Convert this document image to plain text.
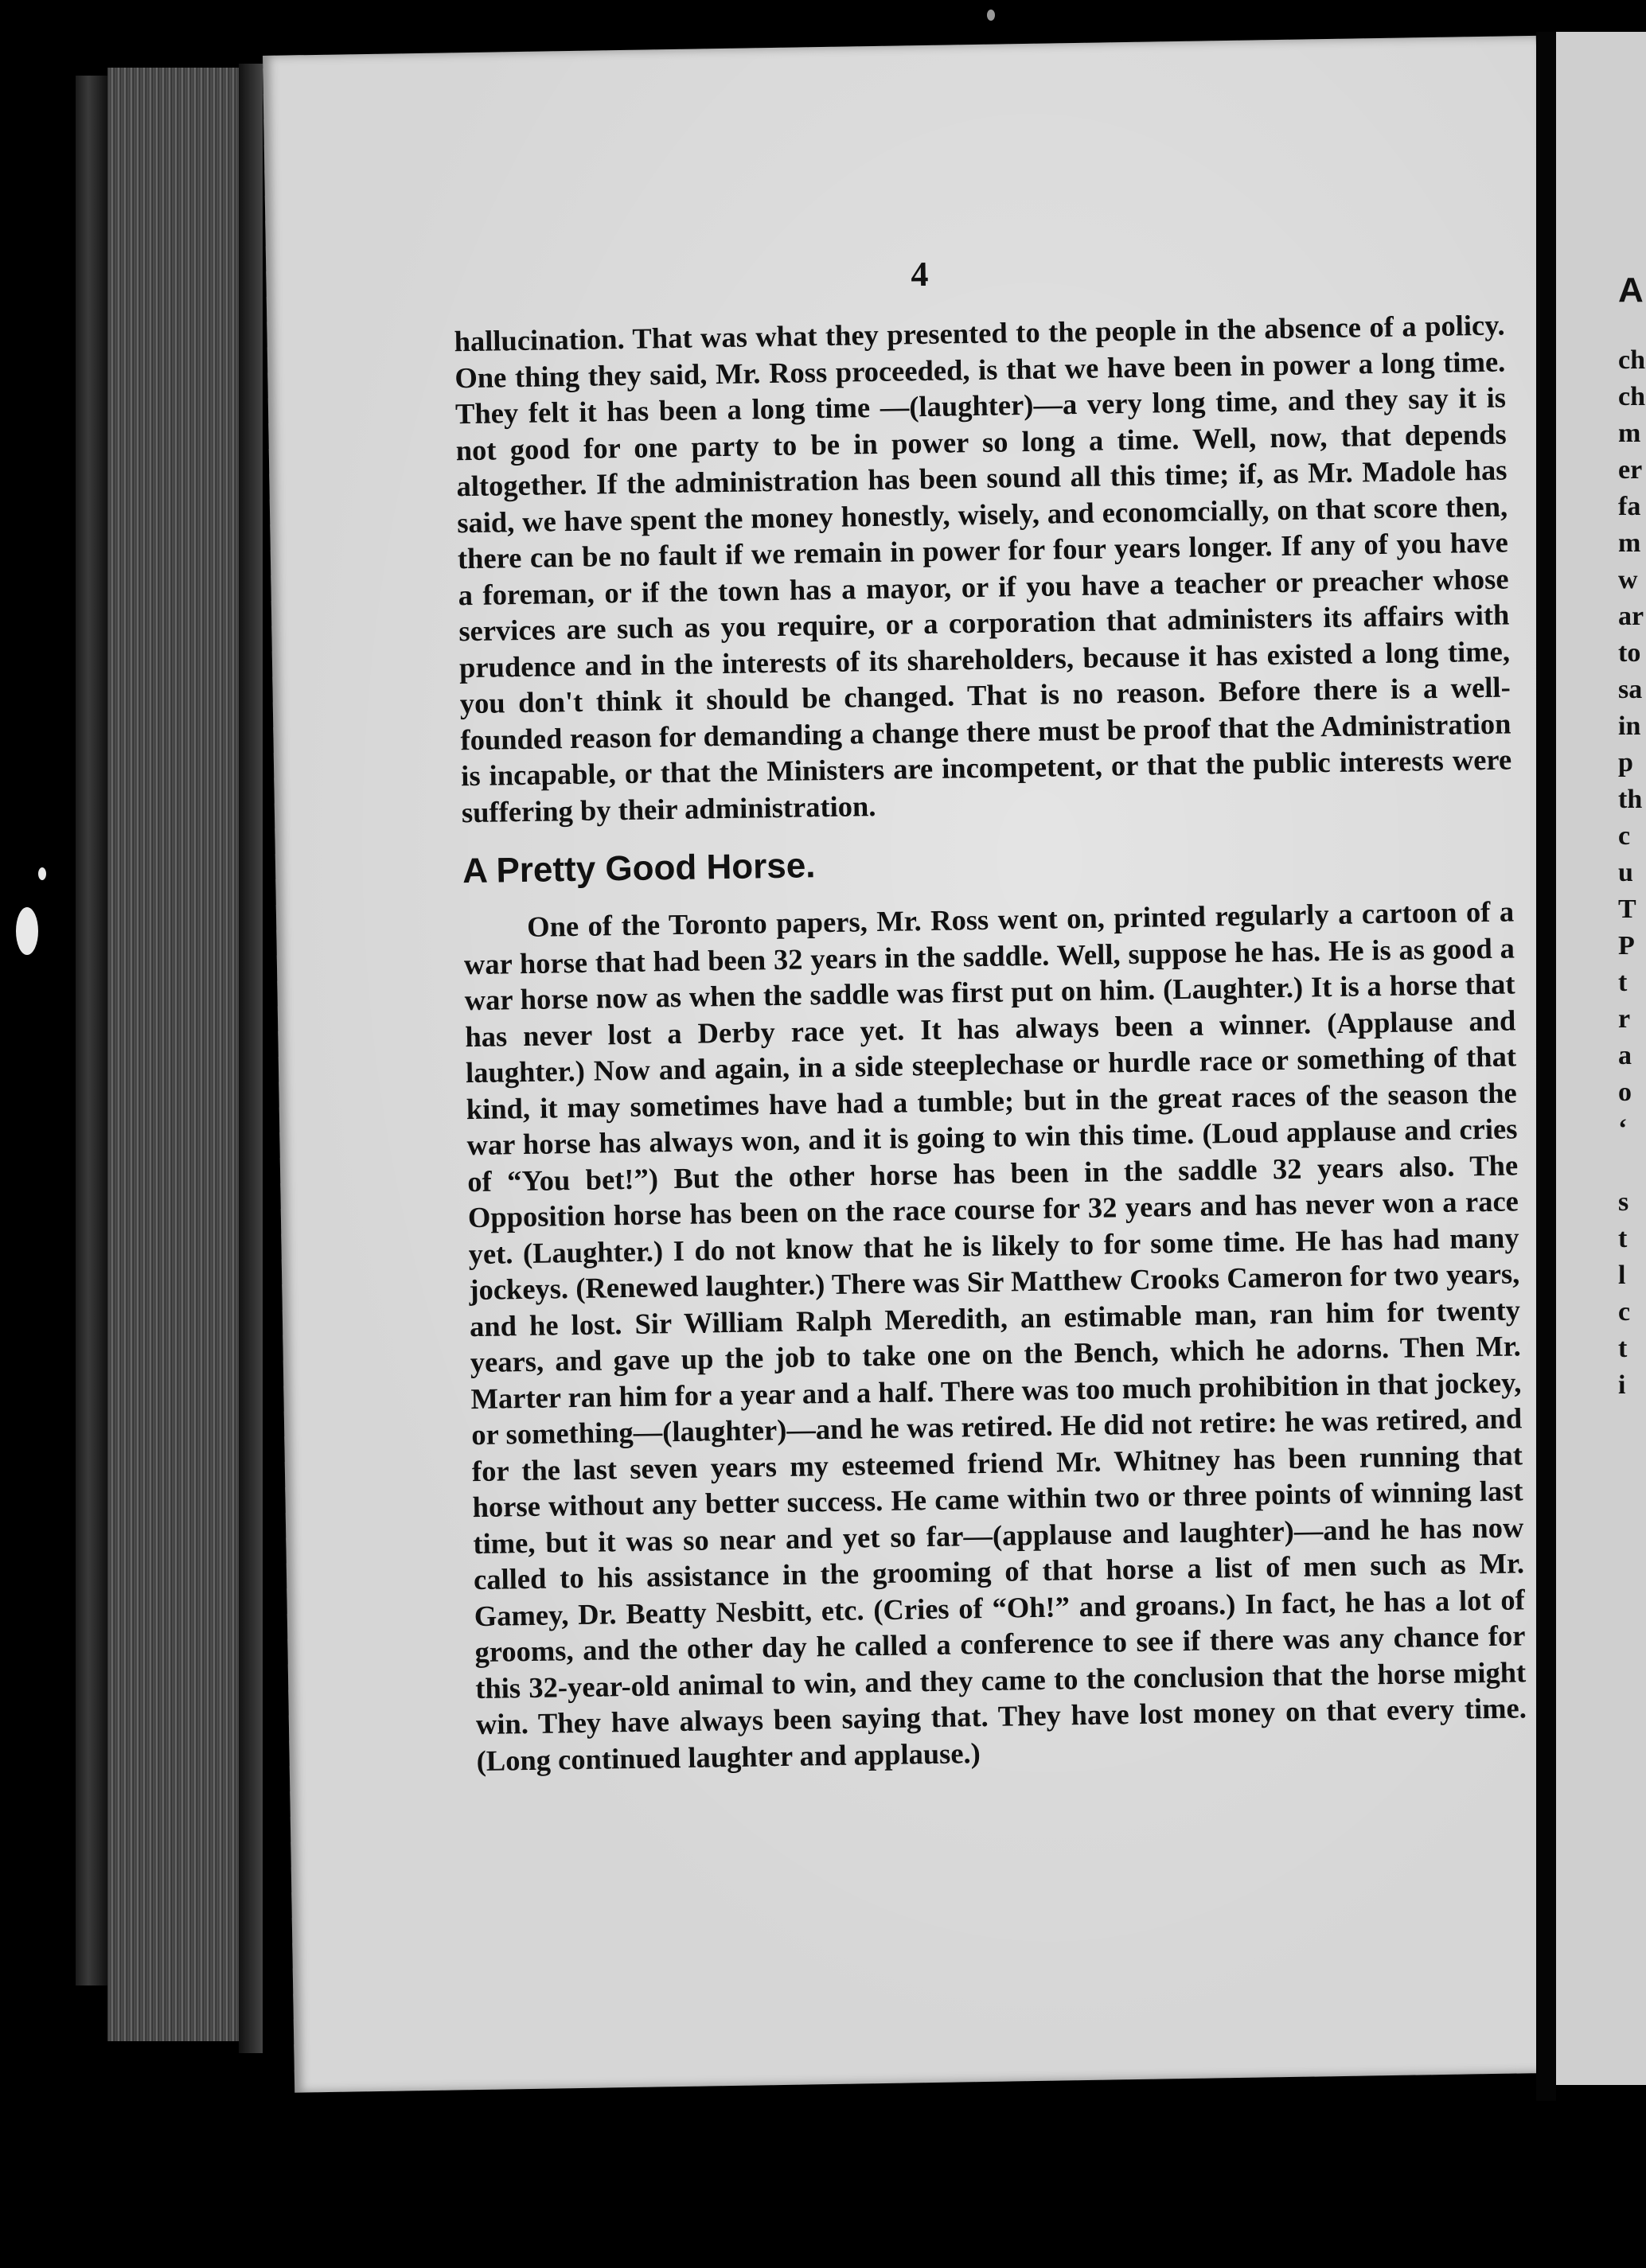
4

hallucination. That was what they presented to the people in the absence of a policy. One thing they said, Mr. Ross proceeded, is that we have been in power a long time. They felt it has been a long time —(laughter)—a very long time, and they say it is not good for one party to be in power so long a time. Well, now, that depends altogether. If the administration has been sound all this time; if, as Mr. Madole has said, we have spent the money honestly, wisely, and economcially, on that score then, there can be no fault if we remain in power for four years longer. If any of you have a foreman, or if the town has a mayor, or if you have a teacher or preacher whose services are such as you require, or a corporation that administers its affairs with prudence and in the interests of its shareholders, because it has existed a long time, you don't think it should be changed. That is no reason. Before there is a well-founded reason for demanding a change there must be proof that the Administration is incapable, or that the Ministers are incompetent, or that the public interests were suffering by their administration.

A Pretty Good Horse.

One of the Toronto papers, Mr. Ross went on, printed regularly a cartoon of a war horse that had been 32 years in the saddle. Well, suppose he has. He is as good a war horse now as when the saddle was first put on him. (Laughter.) It is a horse that has never lost a Derby race yet. It has always been a winner. (Applause and laughter.) Now and again, in a side steeplechase or hurdle race or something of that kind, it may sometimes have had a tumble; but in the great races of the season the war horse has always won, and it is going to win this time. (Loud applause and cries of “You bet!”) But the other horse has been in the saddle 32 years also. The Opposition horse has been on the race course for 32 years and has never won a race yet. (Laughter.) I do not know that he is likely to for some time. He has had many jockeys. (Renewed laughter.) There was Sir Matthew Crooks Cameron for two years, and he lost. Sir William Ralph Meredith, an estimable man, ran him for twenty years, and gave up the job to take one on the Bench, which he adorns. Then Mr. Marter ran him for a year and a half. There was too much prohibition in that jockey, or something—(laughter)—and he was retired. He did not retire: he was retired, and for the last seven years my esteemed friend Mr. Whitney has been running that horse without any better success. He came within two or three points of winning last time, but it was so near and yet so far—(applause and laughter)—and he has now called to his assistance in the grooming of that horse a list of men such as Mr. Gamey, Dr. Beatty Nesbitt, etc. (Cries of “Oh!” and groans.) In fact, he has a lot of grooms, and the other day he called a conference to see if there was any chance for this 32-year-old animal to win, and they came to the conclusion that the horse might win. They have always been saying that. They have lost money on that every time. (Long continued laughter and applause.)

A
ch
ch
m
er
fa
m
w
ar
to
sa
in
p
th
c
u
T
P
t
r
a
o
‘
s
t
l
c
t
i
